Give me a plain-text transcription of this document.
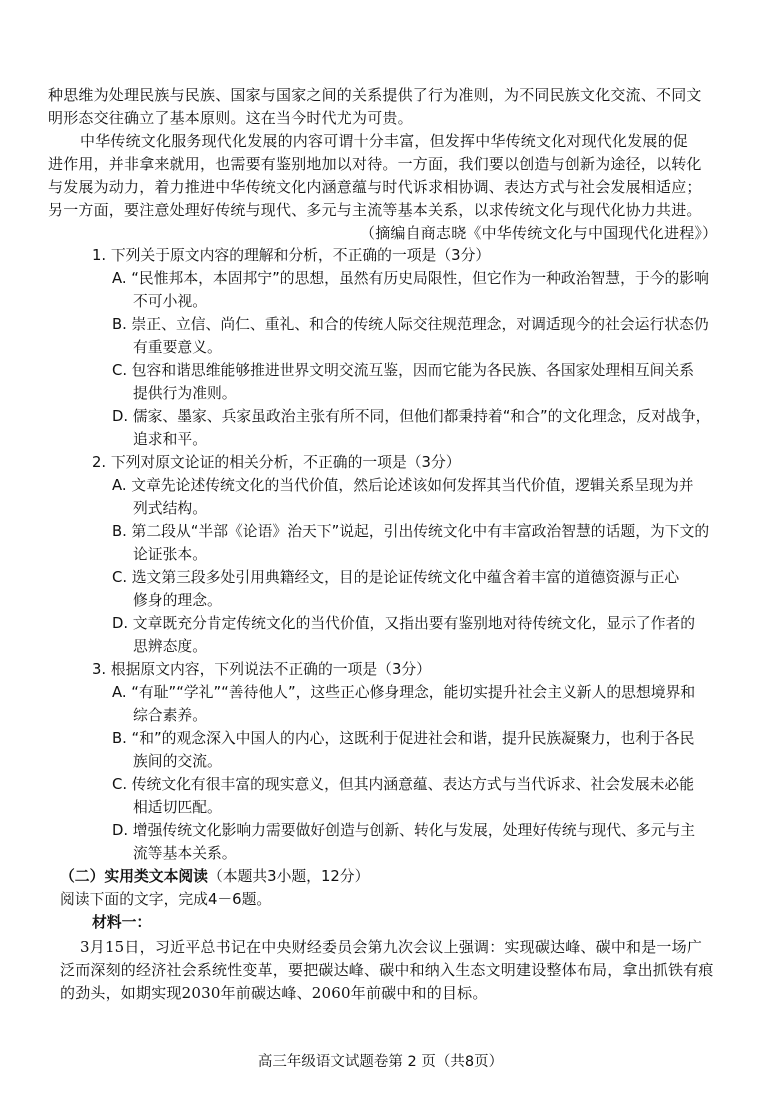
种思维为处理民族与民族、国家与国家之间的关系提供了行为准则，为不同民族文化交流、不同文
明形态交往确立了基本原则。这在当今时代尤为可贵。
中华传统文化服务现代化发展的内容可谓十分丰富，但发挥中华传统文化对现代化发展的促
进作用，并非拿来就用，也需要有鉴别地加以对待。一方面，我们要以创造与创新为途径，以转化
与发展为动力，着力推进中华传统文化内涵意蕴与时代诉求相协调、表达方式与社会发展相适应；
另一方面，要注意处理好传统与现代、多元与主流等基本关系，以求传统文化与现代化协力共进。
（摘编自商志晓《中华传统文化与中国现代化进程》）
1. 下列关于原文内容的理解和分析，不正确的一项是（3分）
A. “民惟邦本，本固邦宁”的思想，虽然有历史局限性，但它作为一种政治智慧，于今的影响
不可小视。
B. 崇正、立信、尚仁、重礼、和合的传统人际交往规范理念，对调适现今的社会运行状态仍
有重要意义。
C. 包容和谐思维能够推进世界文明交流互鉴，因而它能为各民族、各国家处理相互间关系
提供行为准则。
D. 儒家、墨家、兵家虽政治主张有所不同，但他们都秉持着“和合”的文化理念，反对战争，
追求和平。
2. 下列对原文论证的相关分析，不正确的一项是（3分）
A. 文章先论述传统文化的当代价值，然后论述该如何发挥其当代价值，逻辑关系呈现为并
列式结构。
B. 第二段从“半部《论语》治天下”说起，引出传统文化中有丰富政治智慧的话题，为下文的
论证张本。
C. 选文第三段多处引用典籍经文，目的是论证传统文化中蕴含着丰富的道德资源与正心
修身的理念。
D. 文章既充分肯定传统文化的当代价值，又指出要有鉴别地对待传统文化，显示了作者的
思辨态度。
3. 根据原文内容，下列说法不正确的一项是（3分）
A. “有耻”“学礼”“善待他人”，这些正心修身理念，能切实提升社会主义新人的思想境界和
综合素养。
B. “和”的观念深入中国人的内心，这既利于促进社会和谐，提升民族凝聚力，也利于各民
族间的交流。
C. 传统文化有很丰富的现实意义，但其内涵意蕴、表达方式与当代诉求、社会发展未必能
相适切匹配。
D. 增强传统文化影响力需要做好创造与创新、转化与发展，处理好传统与现代、多元与主
流等基本关系。
（二）实用类文本阅读（本题共3小题，12分）
阅读下面的文字，完成4－6题。
材料一：
3月15日，习近平总书记在中央财经委员会第九次会议上强调：实现碳达峰、碳中和是一场广
泛而深刻的经济社会系统性变革，要把碳达峰、碳中和纳入生态文明建设整体布局，拿出抓铁有痕
的劲头，如期实现2030年前碳达峰、2060年前碳中和的目标。
高三年级语文试题卷第 2 页（共8页）
